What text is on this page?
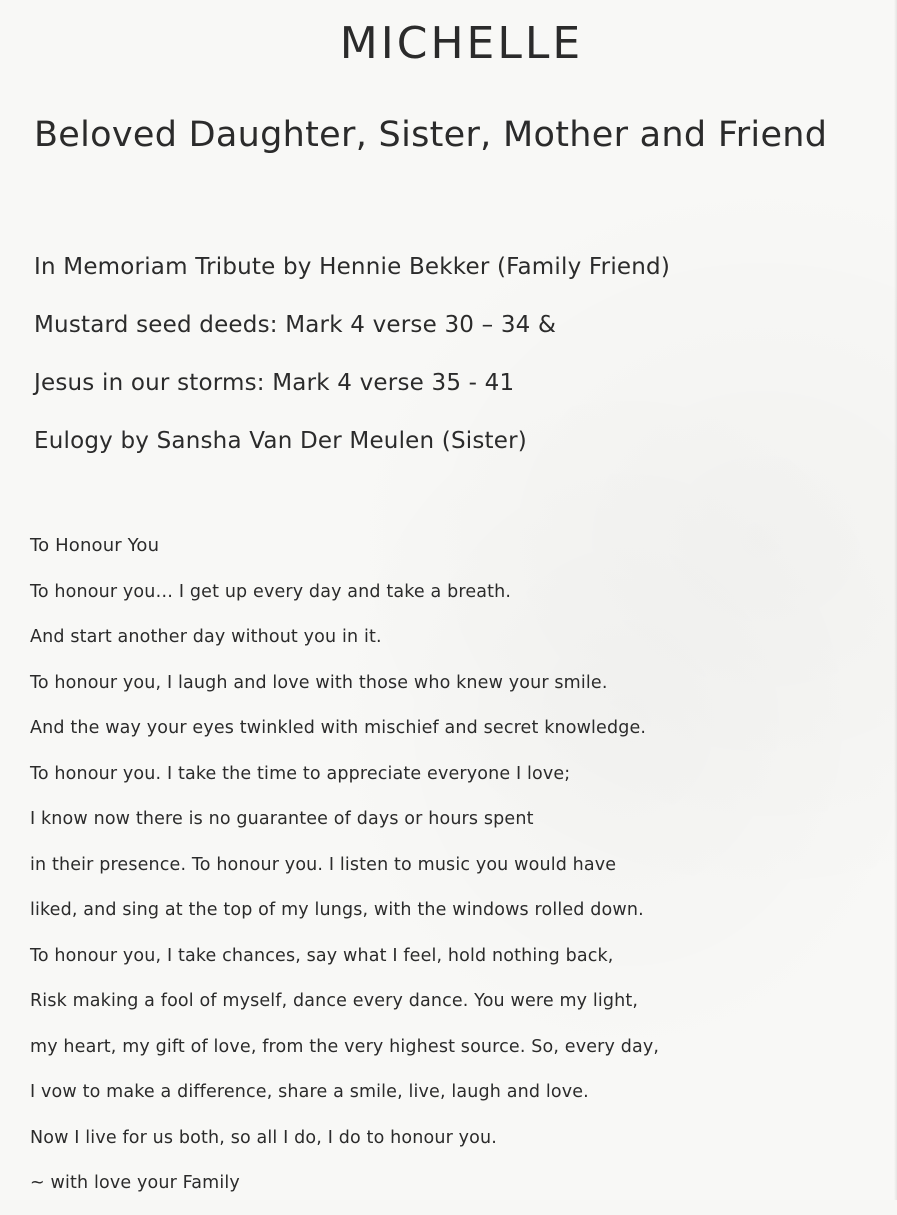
MICHELLE
Beloved Daughter, Sister, Mother and Friend
In Memoriam Tribute by Hennie Bekker (Family Friend)
Mustard seed deeds: Mark 4 verse 30 – 34 &
Jesus in our storms: Mark 4 verse 35 - 41
Eulogy by Sansha Van Der Meulen (Sister)
To Honour You
To honour you… I get up every day and take a breath.
And start another day without you in it.
To honour you, I laugh and love with those who knew your smile.
And the way your eyes twinkled with mischief and secret knowledge.
To honour you. I take the time to appreciate everyone I love;
I know now there is no guarantee of days or hours spent
in their presence. To honour you. I listen to music you would have
liked, and sing at the top of my lungs, with the windows rolled down.
To honour you, I take chances, say what I feel, hold nothing back,
Risk making a fool of myself, dance every dance. You were my light,
my heart, my gift of love, from the very highest source. So, every day,
I vow to make a difference, share a smile, live, laugh and love.
Now I live for us both, so all I do, I do to honour you.
~ with love your Family
